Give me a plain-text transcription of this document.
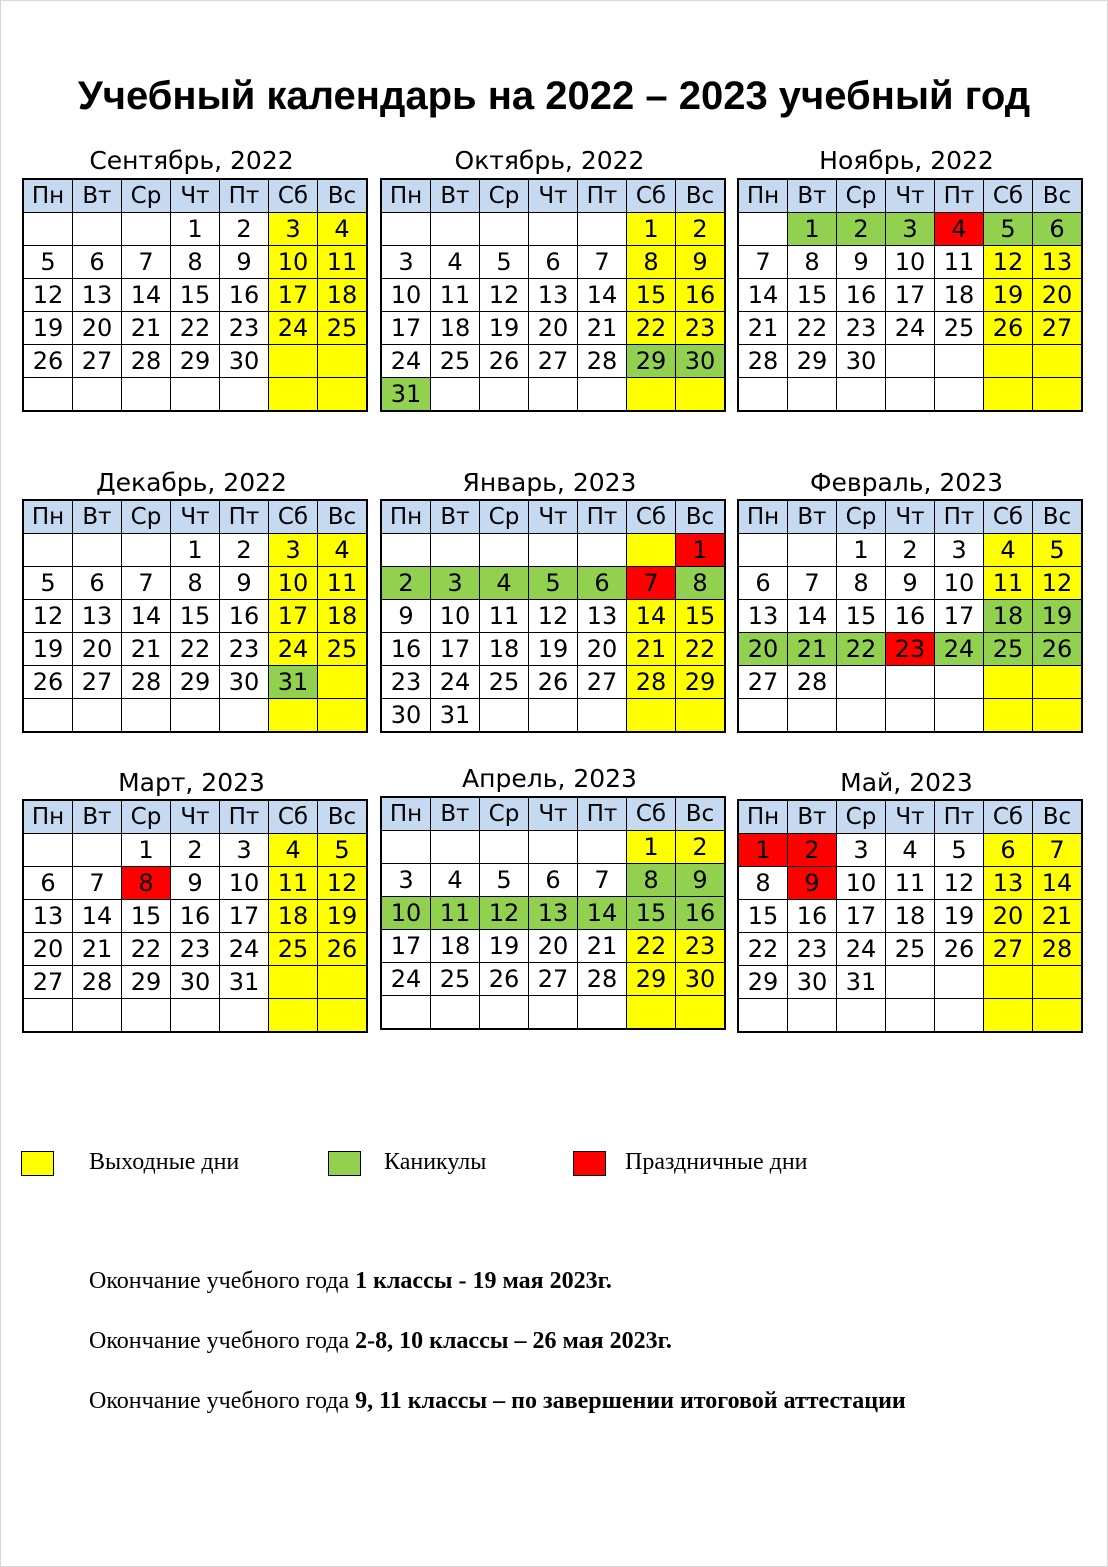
Учебный календарь на 2022 – 2023 учебный год
Сентябрь, 2022
Пн	Вт	Ср	Чт	Пт	Сб	Вс
			1	2	3	4
5	6	7	8	9	10	11
12	13	14	15	16	17	18
19	20	21	22	23	24	25
26	27	28	29	30		

Октябрь, 2022
Пн	Вт	Ср	Чт	Пт	Сб	Вс
					1	2
3	4	5	6	7	8	9
10	11	12	13	14	15	16
17	18	19	20	21	22	23
24	25	26	27	28	29	30
31						
Ноябрь, 2022
Пн	Вт	Ср	Чт	Пт	Сб	Вс
	1	2	3	4	5	6
7	8	9	10	11	12	13
14	15	16	17	18	19	20
21	22	23	24	25	26	27
28	29	30				

Декабрь, 2022
Пн	Вт	Ср	Чт	Пт	Сб	Вс
			1	2	3	4
5	6	7	8	9	10	11
12	13	14	15	16	17	18
19	20	21	22	23	24	25
26	27	28	29	30	31	

Январь, 2023
Пн	Вт	Ср	Чт	Пт	Сб	Вс
						1
2	3	4	5	6	7	8
9	10	11	12	13	14	15
16	17	18	19	20	21	22
23	24	25	26	27	28	29
30	31					
Февраль, 2023
Пн	Вт	Ср	Чт	Пт	Сб	Вс
		1	2	3	4	5
6	7	8	9	10	11	12
13	14	15	16	17	18	19
20	21	22	23	24	25	26
27	28					

Март, 2023
Пн	Вт	Ср	Чт	Пт	Сб	Вс
		1	2	3	4	5
6	7	8	9	10	11	12
13	14	15	16	17	18	19
20	21	22	23	24	25	26
27	28	29	30	31		

Апрель, 2023
Пн	Вт	Ср	Чт	Пт	Сб	Вс
					1	2
3	4	5	6	7	8	9
10	11	12	13	14	15	16
17	18	19	20	21	22	23
24	25	26	27	28	29	30

Май, 2023
Пн	Вт	Ср	Чт	Пт	Сб	Вс
1	2	3	4	5	6	7
8	9	10	11	12	13	14
15	16	17	18	19	20	21
22	23	24	25	26	27	28
29	30	31				

Выходные дни	Каникулы	Праздничные дни
Окончание учебного года 1 классы - 19 мая 2023г.
Окончание учебного года 2-8, 10 классы – 26 мая 2023г.
Окончание учебного года 9, 11 классы – по завершении итоговой аттестации
